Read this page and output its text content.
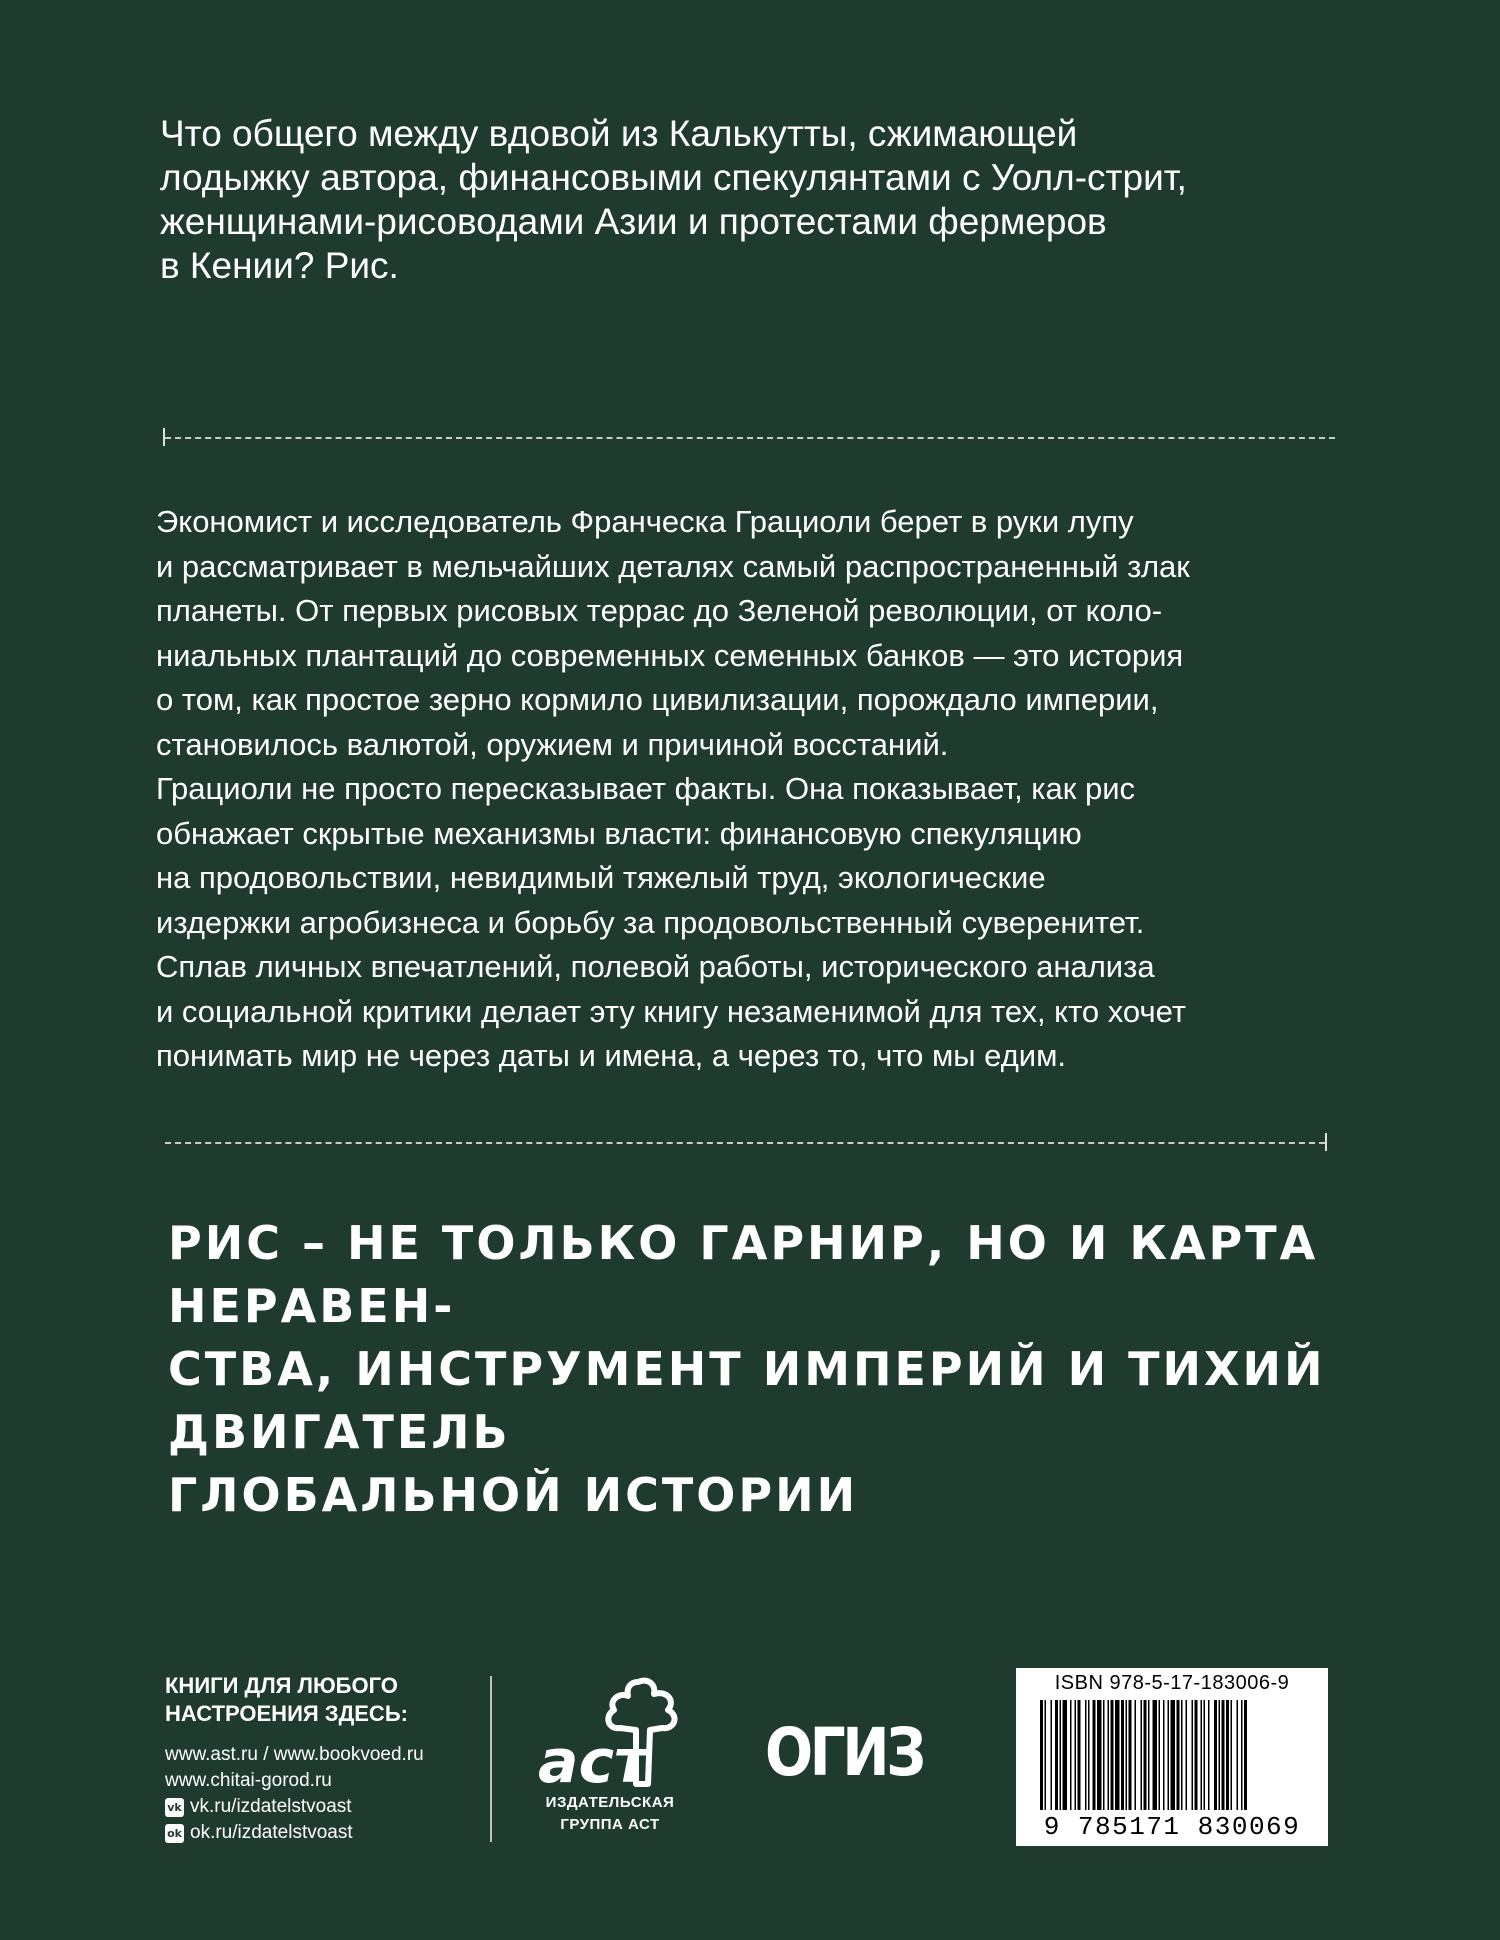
Что общего между вдовой из Калькутты, сжимающей

лодыжку автора, финансовыми спекулянтами с Уолл-стрит,

женщинами-рисоводами Азии и протестами фермеров

в Кении? Рис.

Экономист и исследователь Франческа Грациоли берет в руки лупу

и рассматривает в мельчайших деталях самый распространенный злак

планеты. От первых рисовых террас до Зеленой революции, от коло-

ниальных плантаций до современных семенных банков — это история

о том, как простое зерно кормило цивилизации, порождало империи,

становилось валютой, оружием и причиной восстаний.

Грациоли не просто пересказывает факты. Она показывает, как рис

обнажает скрытые механизмы власти: финансовую спекуляцию

на продовольствии, невидимый тяжелый труд, экологические

издержки агробизнеса и борьбу за продовольственный суверенитет.

Сплав личных впечатлений, полевой работы, исторического анализа

и социальной критики делает эту книгу незаменимой для тех, кто хочет

понимать мир не через даты и имена, а через то, что мы едим.

РИС – НЕ ТОЛЬКО ГАРНИР, НО И КАРТА НЕРАВЕН-

СТВА, ИНСТРУМЕНТ ИМПЕРИЙ И ТИХИЙ ДВИГАТЕЛЬ

ГЛОБАЛЬНОЙ ИСТОРИИ

КНИГИ ДЛЯ ЛЮБОГО
НАСТРОЕНИЯ ЗДЕСЬ:

www.ast.ru / www.bookvoed.ru

www.chitai-gorod.ru

vk vk.ru/izdatelstvoast

ok ok.ru/izdatelstvoast

аст
ИЗДАТЕЛЬСКАЯ
ГРУППА АСТ
ОГИЗ
ISBN 978-5-17-183006-9
9 785171 830069
